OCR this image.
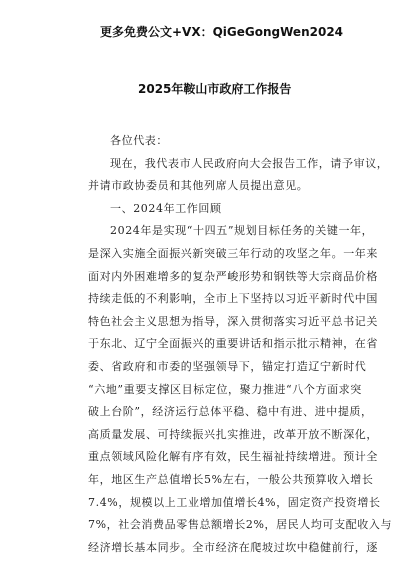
更多免费公文+VX：QiGeGongWen2024
2025年鞍山市政府工作报告

各位代表：

现在，我代表市人民政府向大会报告工作，请予审议，
并请市政协委员和其他列席人员提出意见。

一、2024年工作回顾

2024年是实现“十四五”规划目标任务的关键一年，
是深入实施全面振兴新突破三年行动的攻坚之年。一年来
面对内外困难增多的复杂严峻形势和钢铁等大宗商品价格
持续走低的不利影响，全市上下坚持以习近平新时代中国
特色社会主义思想为指导，深入贯彻落实习近平总书记关
于东北、辽宁全面振兴的重要讲话和指示批示精神，在省
委、省政府和市委的坚强领导下，锚定打造辽宁新时代
“六地”重要支撑区目标定位，聚力推进“八个方面求突
破上台阶”，经济运行总体平稳、稳中有进、进中提质，
高质量发展、可持续振兴扎实推进，改革开放不断深化，
重点领域风险化解有序有效，民生福祉持续增进。预计全
年，地区生产总值增长5%左右，一般公共预算收入增长
7.4%，规模以上工业增加值增长4%，固定资产投资增长
7%，社会消费品零售总额增长2%，居民人均可支配收入与
经济增长基本同步。全市经济在爬坡过坎中稳健前行，逐
